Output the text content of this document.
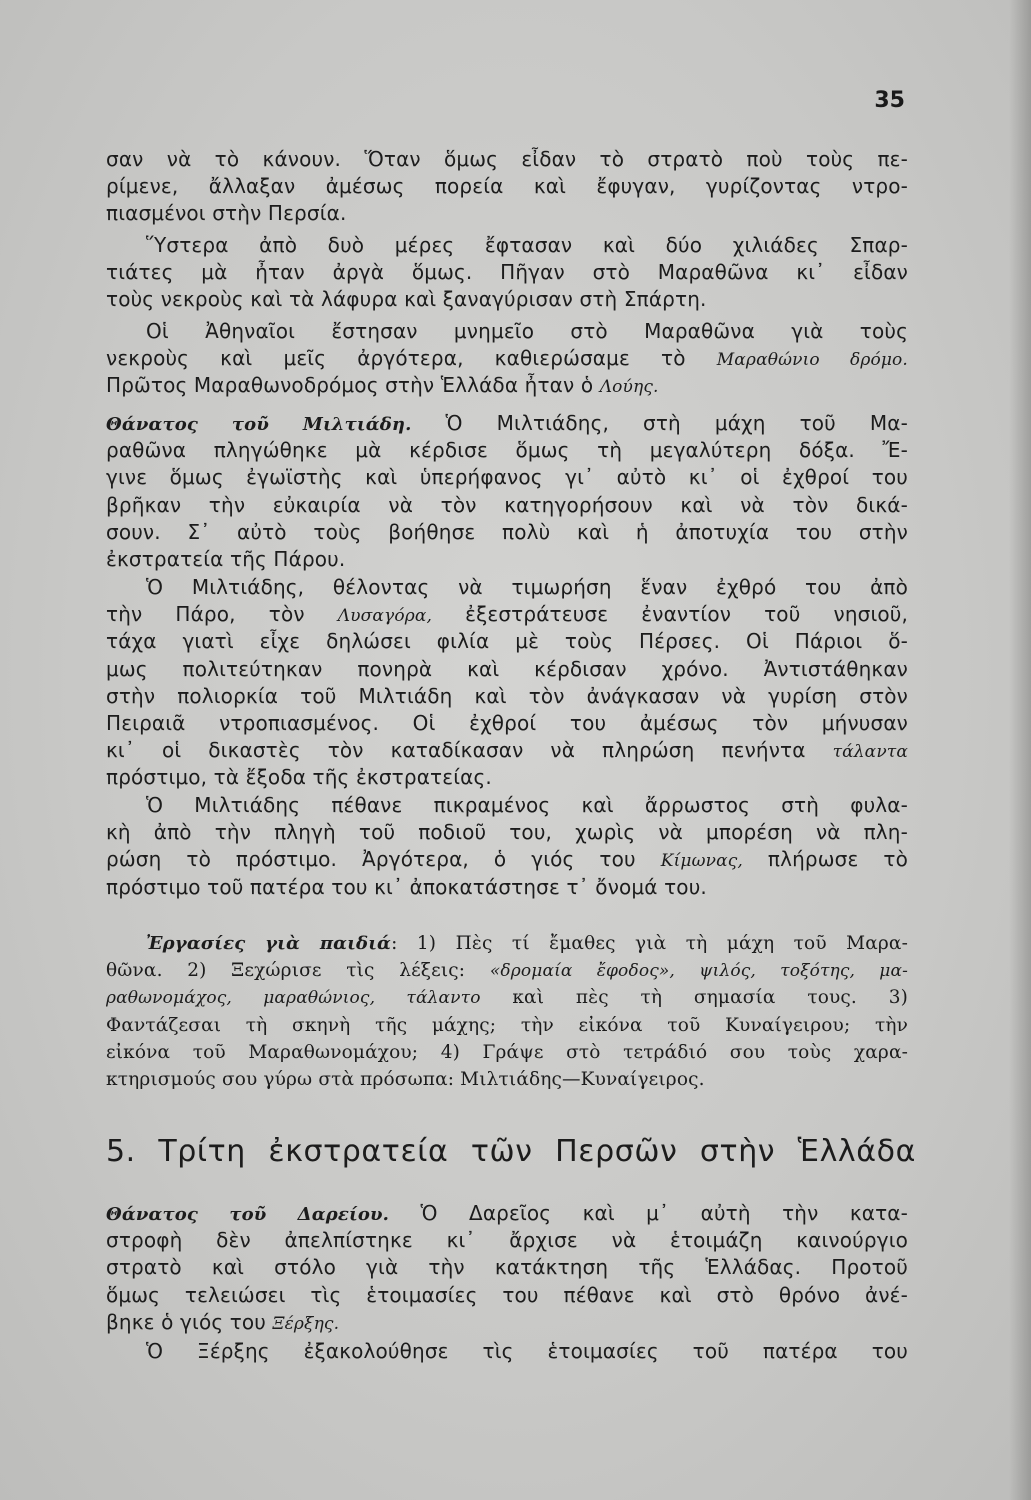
35
σαν νὰ τὸ κάνουν. Ὅταν ὅμως εἶδαν τὸ στρατὸ ποὺ τοὺς πε-
ρίμενε, ἄλλαξαν ἀμέσως πορεία καὶ ἔφυγαν, γυρίζοντας ντρο-
πιασμένοι στὴν Περσία.
Ὕστερα ἀπὸ δυὸ μέρες ἔφτασαν καὶ δύο χιλιάδες Σπαρ-
τιάτες μὰ ἦταν ἀργὰ ὅμως. Πῆγαν στὸ Μαραθῶνα κι᾿ εἶδαν
τοὺς νεκροὺς καὶ τὰ λάφυρα καὶ ξαναγύρισαν στὴ Σπάρτη.
Οἱ Ἀθηναῖοι ἔστησαν μνημεῖο στὸ Μαραθῶνα γιὰ τοὺς
νεκροὺς καὶ μεῖς ἀργότερα, καθιερώσαμε τὸ Μαραθώνιο δρόμο.
Πρῶτος Μαραθωνοδρόμος στὴν Ἑλλάδα ἦταν ὁ Λούης.
Θάνατος τοῦ Μιλτιάδη. Ὁ Μιλτιάδης, στὴ μάχη τοῦ Μα-
ραθῶνα πληγώθηκε μὰ κέρδισε ὅμως τὴ μεγαλύτερη δόξα. Ἔ-
γινε ὅμως ἐγωϊστὴς καὶ ὑπερήφανος γι᾿ αὐτὸ κι᾿ οἱ ἐχθροί του
βρῆκαν τὴν εὐκαιρία νὰ τὸν κατηγορήσουν καὶ νὰ τὸν δικά-
σουν. Σ᾿ αὐτὸ τοὺς βοήθησε πολὺ καὶ ἡ ἀποτυχία του στὴν
ἐκστρατεία τῆς Πάρου.
Ὁ Μιλτιάδης, θέλοντας νὰ τιμωρήση ἕναν ἐχθρό του ἀπὸ
τὴν Πάρο, τὸν Λυσαγόρα, ἐξεστράτευσε ἐναντίον τοῦ νησιοῦ,
τάχα γιατὶ εἶχε δηλώσει φιλία μὲ τοὺς Πέρσες. Οἱ Πάριοι ὅ-
μως πολιτεύτηκαν πονηρὰ καὶ κέρδισαν χρόνο. Ἀντιστάθηκαν
στὴν πολιορκία τοῦ Μιλτιάδη καὶ τὸν ἀνάγκασαν νὰ γυρίση στὸν
Πειραιᾶ ντροπιασμένος. Οἱ ἐχθροί του ἀμέσως τὸν μήνυσαν
κι᾿ οἱ δικαστὲς τὸν καταδίκασαν νὰ πληρώση πενήντα τάλαντα
πρόστιμο, τὰ ἔξοδα τῆς ἐκστρατείας.
Ὁ Μιλτιάδης πέθανε πικραμένος καὶ ἄρρωστος στὴ φυλα-
κὴ ἀπὸ τὴν πληγὴ τοῦ ποδιοῦ του, χωρὶς νὰ μπορέση νὰ πλη-
ρώση τὸ πρόστιμο. Ἀργότερα, ὁ γιός του Κίμωνας, πλήρωσε τὸ
πρόστιμο τοῦ πατέρα του κι᾿ ἀποκατάστησε τ᾿ ὄνομά του.
Ἐργασίες γιὰ παιδιά: 1) Πὲς τί ἔμαθες γιὰ τὴ μάχη τοῦ Μαρα-
θῶνα. 2) Ξεχώρισε τὶς λέξεις: «δρομαία ἔφοδος», ψιλός, τοξότης, μα-
ραθωνομάχος, μαραθώνιος, τάλαντο καὶ πὲς τὴ σημασία τους. 3)
Φαντάζεσαι τὴ σκηνὴ τῆς μάχης; τὴν εἰκόνα τοῦ Κυναίγειρου; τὴν
εἰκόνα τοῦ Μαραθωνομάχου; 4) Γράψε στὸ τετράδιό σου τοὺς χαρα-
κτηρισμούς σου γύρω στὰ πρόσωπα: Μιλτιάδης—Κυναίγειρος.
5. Τρίτη ἐκστρατεία τῶν Περσῶν στὴν Ἑλλάδα
Θάνατος τοῦ Δαρείου. Ὁ Δαρεῖος καὶ μ᾿ αὐτὴ τὴν κατα-
στροφὴ δὲν ἀπελπίστηκε κι᾿ ἄρχισε νὰ ἑτοιμάζη καινούργιο
στρατὸ καὶ στόλο γιὰ τὴν κατάκτηση τῆς Ἑλλάδας. Προτοῦ
ὅμως τελειώσει τὶς ἑτοιμασίες του πέθανε καὶ στὸ θρόνο ἀνέ-
βηκε ὁ γιός του Ξέρξης.
Ὁ Ξέρξης ἐξακολούθησε τὶς ἑτοιμασίες τοῦ πατέρα του
